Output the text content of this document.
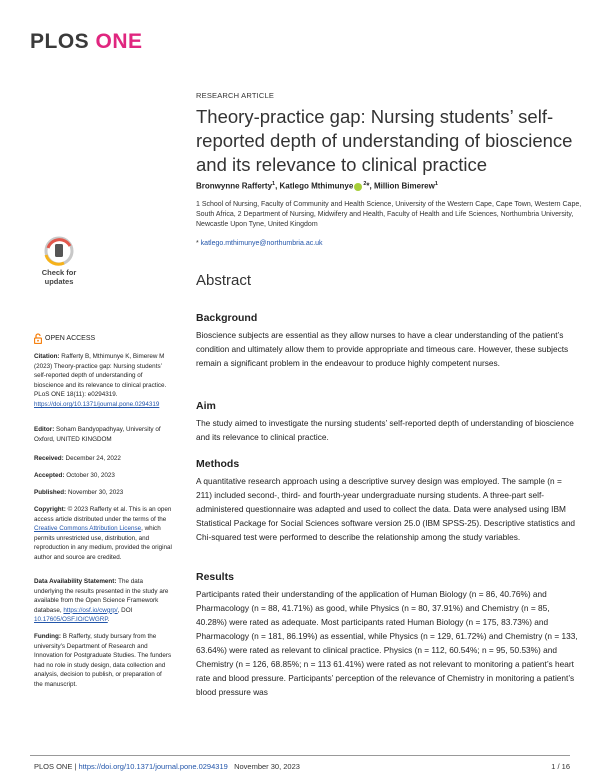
PLOS ONE
RESEARCH ARTICLE
Theory-practice gap: Nursing students’ self-reported depth of understanding of bioscience and its relevance to clinical practice
Bronwynne Rafferty$^1$, Katlego Mthimunye $^2$*, Million Bimerew$^1$
1 School of Nursing, Faculty of Community and Health Science, University of the Western Cape, Cape Town, Western Cape, South Africa, 2 Department of Nursing, Midwifery and Health, Faculty of Health and Life Sciences, Northumbria University, Newcastle Upon Tyne, United Kingdom
* katlego.mthimunye@northumbria.ac.uk
Check for updates
OPEN ACCESS

Citation: Rafferty B, Mthimunye K, Bimerew M (2023) Theory-practice gap: Nursing students’ self-reported depth of understanding of bioscience and its relevance to clinical practice. PLoS ONE 18(11): e0294319. https://doi.org/10.1371/journal.pone.0294319

Editor: Soham Bandyopadhyay, University of Oxford, UNITED KINGDOM

Received: December 24, 2022

Accepted: October 30, 2023

Published: November 30, 2023

Copyright: © 2023 Rafferty et al. This is an open access article distributed under the terms of the Creative Commons Attribution License, which permits unrestricted use, distribution, and reproduction in any medium, provided the original author and source are credited.

Data Availability Statement: The data underlying the results presented in the study are available from the Open Science Framework database, https://osf.io/cwgrp/, DOI 10.17605/OSF.IO/CWGRP.

Funding: B Rafferty, study bursary from the university’s Department of Research and Innovation for Postgraduate Studies. The funders had no role in study design, data collection and analysis, decision to publish, or preparation of the manuscript.

Abstract
Background

Bioscience subjects are essential as they allow nurses to have a clear understanding of the patient’s condition and ultimately allow them to provide appropriate and timeous care. However, these subjects remain a significant problem in the endeavour to produce highly competent nurses.

Aim

The study aimed to investigate the nursing students’ self-reported depth of understanding of bioscience and its relevance to clinical practice.

Methods

A quantitative research approach using a descriptive survey design was employed. The sample (n = 211) included second-, third- and fourth-year undergraduate nursing students. A three-part self-administered questionnaire was adapted and used to collect the data. Data were analysed using IBM Statistical Package for Social Sciences software version 25.0 (IBM SPSS-25). Descriptive statistics and Chi-squared test were performed to describe the relationship among the study variables.

Results

Participants rated their understanding of the application of Human Biology (n = 86, 40.76%) and Pharmacology (n = 88, 41.71%) as good, while Physics (n = 80, 37.91%) and Chemistry (n = 85, 40.28%) were rated as adequate. Most participants rated Human Biology (n = 175, 83.73%) and Pharmacology (n = 181, 86.19%) as essential, while Physics (n = 129, 61.72%) and Chemistry (n = 133, 63.64%) were rated as relevant to clinical practice. Physics (n = 112, 60.54%; n = 95, 50.53%) and Chemistry (n = 126, 68.85%; n = 113 61.41%) were rated as not relevant to monitoring a patient’s heart rate and blood pressure. Participants’ perception of the relevance of Chemistry in monitoring a patient’s blood pressure was

PLOS ONE | https://doi.org/10.1371/journal.pone.0294319 November 30, 2023	1 / 16
